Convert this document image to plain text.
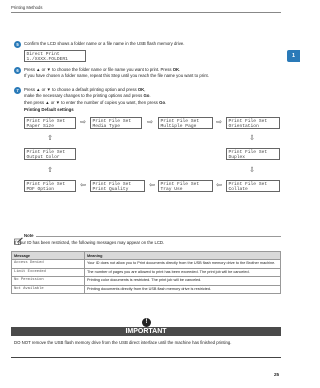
Printing Methods
1
5	Confirm the LCD shows a folder name or a file name in the USB flash memory drive.
Direct Print
1./XXXX.FOLDER1
6	Press ▲ or ▼ to choose the folder name or file name you want to print. Press OK.
If you have chosen a folder name, repeat this Step until you reach the file name you want to print.
7	Press ▲ or ▼ to choose a default printing option and press OK,
make the necessary changes to the printing options and press Go.
then press ▲ or ▼ to enter the number of copies you want, then press Go.
Printing Default settings
Print File Set
Paper Size	⇨ Print File Set
Media Type	⇨ Print File Set
Multiple Page	⇨ Print File Set
Orientation
⇧	⇩
Print File Set
Output Color
Print File Set
Duplex
⇧	⇩
Print File Set
PDF Option	⇦ Print File Set
Print Quality	⇦ Print File Set
Tray Use	⇦ Print File Set
Collate
Note
If your ID has been restricted, the following messages may appear on the LCD.
Message	Meaning
Access Denied	Your ID does not allow you to Print documents directly from the USB flash memory drive to the Brother machine.
Limit Exceeded	The number of pages you are allowed to print has been exceeded. The print job will be canceled.
No Permission	Printing color documents is restricted. The print job will be canceled.
Not Available	Printing documents directly from the USB flash memory drive is restricted.
IMPORTANT
!
DO NOT remove the USB flash memory drive from the USB direct interface until the machine has finished printing.
25
